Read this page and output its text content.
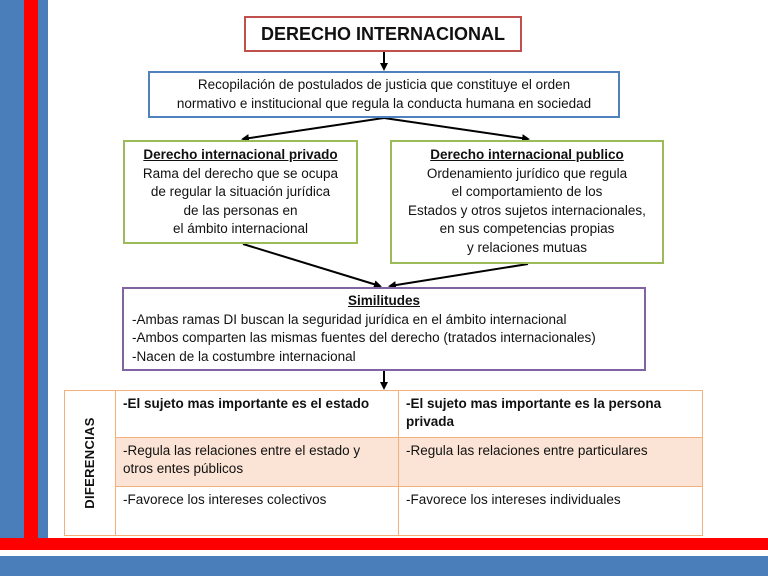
DERECHO INTERNACIONAL
Recopilación de postulados de justicia que constituye el orden
normativo e institucional que regula la conducta humana en sociedad
Derecho internacional privado
Rama del derecho que se ocupa
de regular la situación jurídica
de las personas en
el ámbito internacional
Derecho internacional publico
Ordenamiento jurídico que regula
el comportamiento de los
Estados y otros sujetos internacionales,
en sus competencias propias
y relaciones mutuas
Similitudes
-Ambas ramas DI buscan la seguridad jurídica en el ámbito internacional
-Ambos comparten las mismas fuentes del derecho (tratados internacionales)
-Nacen de la costumbre internacional
DIFERENCIAS	-El sujeto mas importante es el estado	-El sujeto mas importante es la persona privada
	-Regula las relaciones entre el estado y otros entes públicos	-Regula las relaciones entre particulares
	-Favorece los intereses colectivos	-Favorece los intereses individuales
